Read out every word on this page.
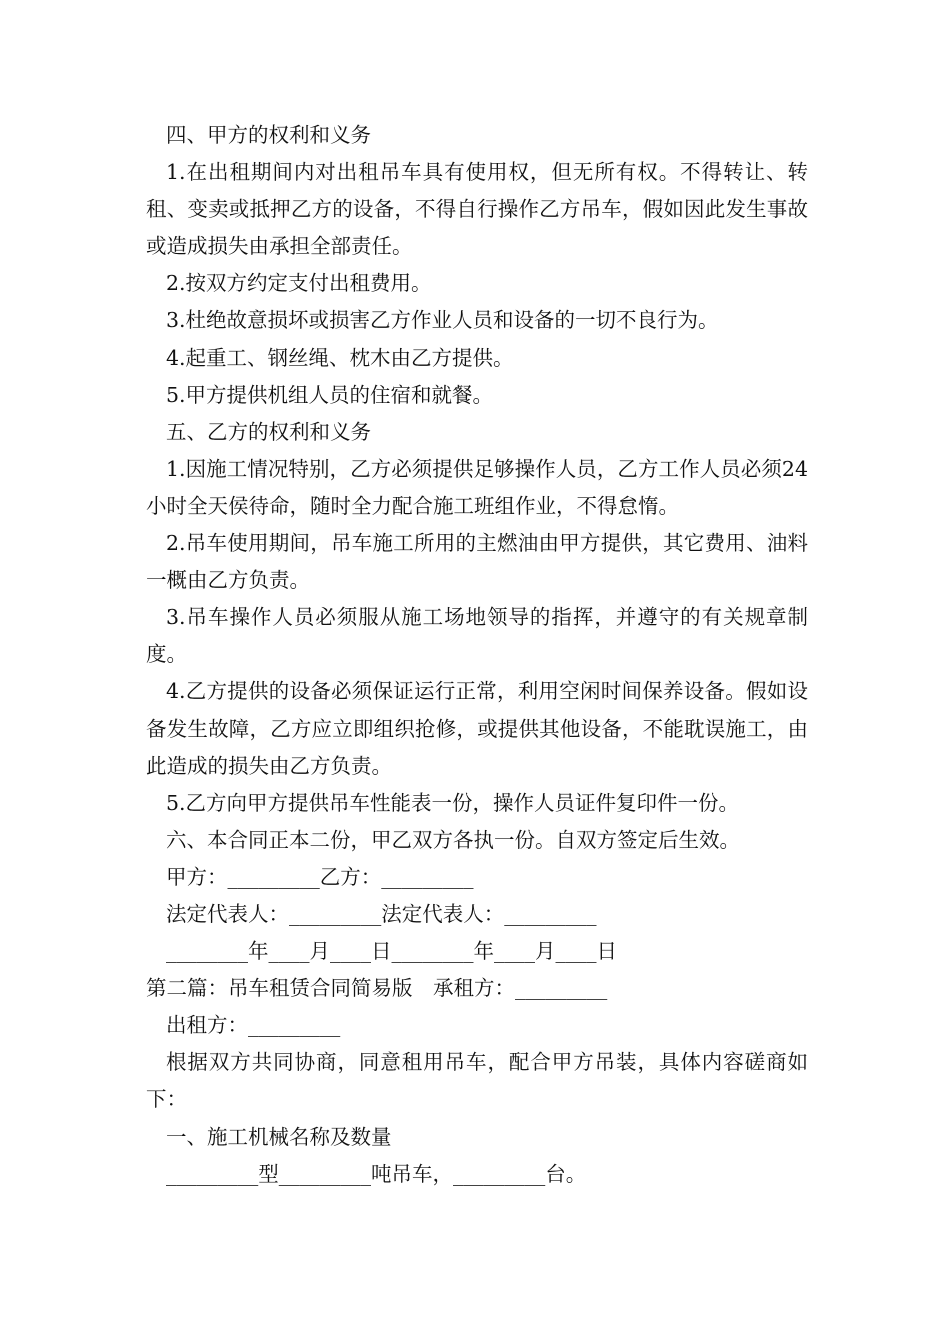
四、甲方的权利和义务

1.在出租期间内对出租吊车具有使用权，但无所有权。不得转让、转租、变卖或抵押乙方的设备，不得自行操作乙方吊车，假如因此发生事故或造成损失由承担全部责任。

2.按双方约定支付出租费用。

3.杜绝故意损坏或损害乙方作业人员和设备的一切不良行为。

4.起重工、钢丝绳、枕木由乙方提供。

5.甲方提供机组人员的住宿和就餐。

五、乙方的权利和义务

1.因施工情况特别，乙方必须提供足够操作人员，乙方工作人员必须24小时全天侯待命，随时全力配合施工班组作业，不得怠惰。

2.吊车使用期间，吊车施工所用的主燃油由甲方提供，其它费用、油料一概由乙方负责。

3.吊车操作人员必须服从施工场地领导的指挥，并遵守的有关规章制度。

4.乙方提供的设备必须保证运行正常，利用空闲时间保养设备。假如设备发生故障，乙方应立即组织抢修，或提供其他设备，不能耽误施工，由此造成的损失由乙方负责。

5.乙方向甲方提供吊车性能表一份，操作人员证件复印件一份。

六、本合同正本二份，甲乙双方各执一份。自双方签定后生效。

甲方：_________乙方：_________

法定代表人：_________法定代表人：_________

________年____月____日________年____月____日

第二篇：吊车租赁合同简易版　承租方：_________

出租方：_________

根据双方共同协商，同意租用吊车，配合甲方吊装，具体内容磋商如下：

一、施工机械名称及数量

_________型_________吨吊车，_________台。
